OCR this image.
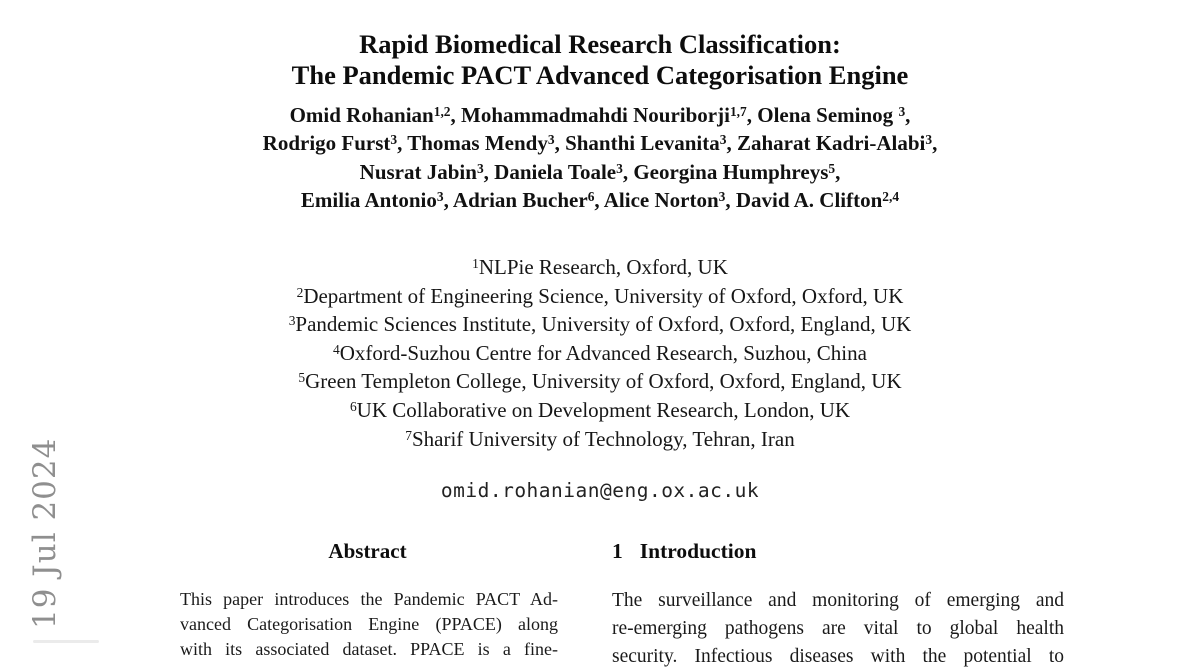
19 Jul 2024
Rapid Biomedical Research Classification:
The Pandemic PACT Advanced Categorisation Engine
Omid Rohanian$^{1,2}$, Mohammadmahdi Nouriborji$^{1,7}$, Olena Seminog $^3$,
Rodrigo Furst$^3$, Thomas Mendy$^3$, Shanthi Levanita$^3$, Zaharat Kadri-Alabi$^3$,
Nusrat Jabin$^3$, Daniela Toale$^3$, Georgina Humphreys$^5$,
Emilia Antonio$^3$, Adrian Bucher$^6$, Alice Norton$^3$, David A. Clifton$^{2,4}$
$^1$NLPie Research, Oxford, UK
$^2$Department of Engineering Science, University of Oxford, Oxford, UK
$^3$Pandemic Sciences Institute, University of Oxford, Oxford, England, UK
$^4$Oxford-Suzhou Centre for Advanced Research, Suzhou, China
$^5$Green Templeton College, University of Oxford, Oxford, England, UK
$^6$UK Collaborative on Development Research, London, UK
$^7$Sharif University of Technology, Tehran, Iran
omid.rohanian@eng.ox.ac.uk
Abstract
This paper introduces the Pandemic PACT Ad-
vanced Categorisation Engine (PPACE) along
with its associated dataset. PPACE is a fine-
1 Introduction
The surveillance and monitoring of emerging and
re-emerging pathogens are vital to global health
security. Infectious diseases with the potential to
